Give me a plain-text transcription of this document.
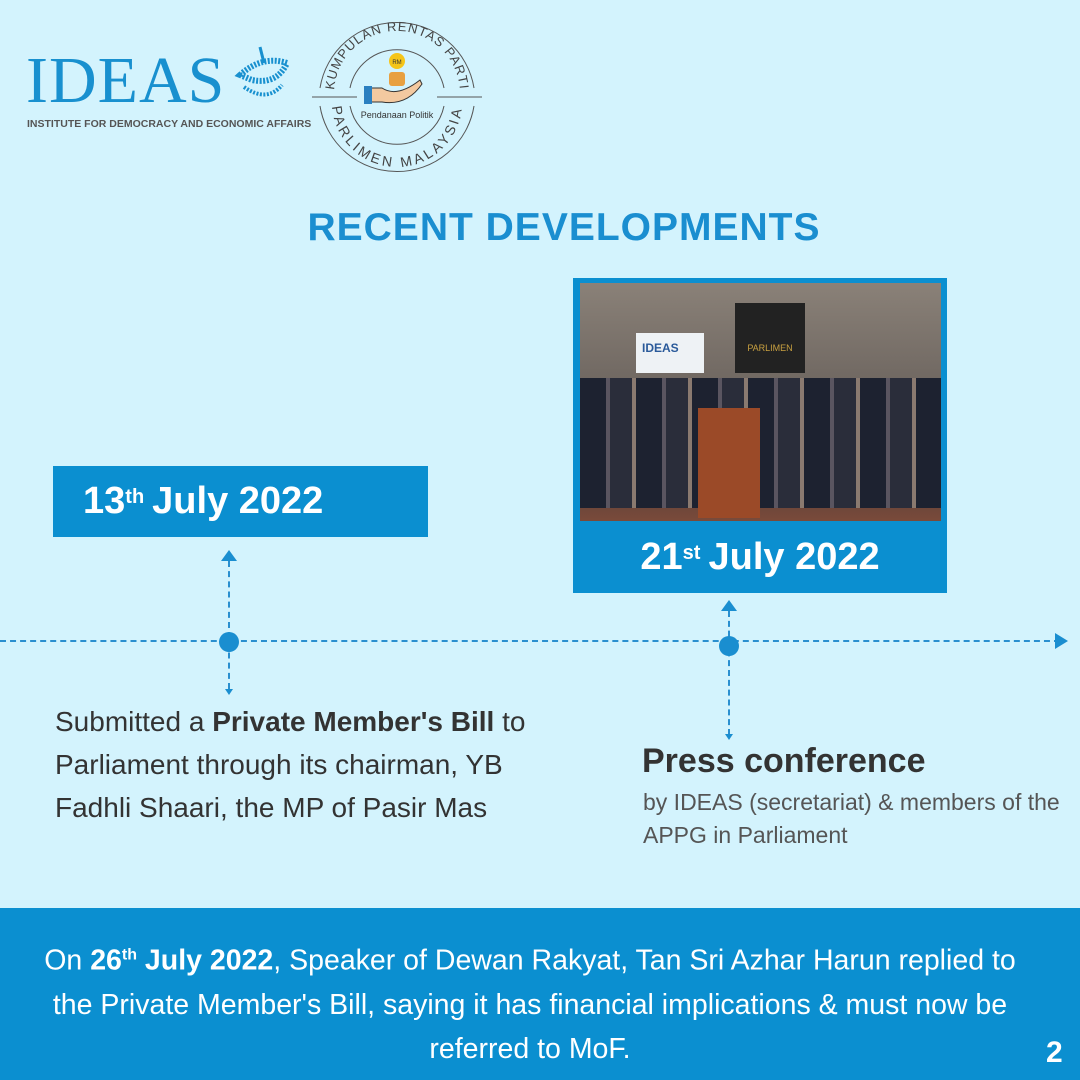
IDEAS
INSTITUTE FOR DEMOCRACY AND ECONOMIC AFFAIRS
KUMPULAN RENTAS PARTI
PARLIMEN MALAYSIA
RM
Pendanaan Politik
RECENT DEVELOPMENTS
13th July 2022
IDEAS	PARLIMEN
21st July 2022
Submitted a Private Member's Bill to Parliament through its chairman, YB Fadhli Shaari, the MP of Pasir Mas
Press conference
by IDEAS (secretariat) & members of the APPG in Parliament
On 26th July 2022, Speaker of Dewan Rakyat, Tan Sri Azhar Harun replied to the Private Member's Bill, saying it has financial implications & must now be referred to MoF.	2
